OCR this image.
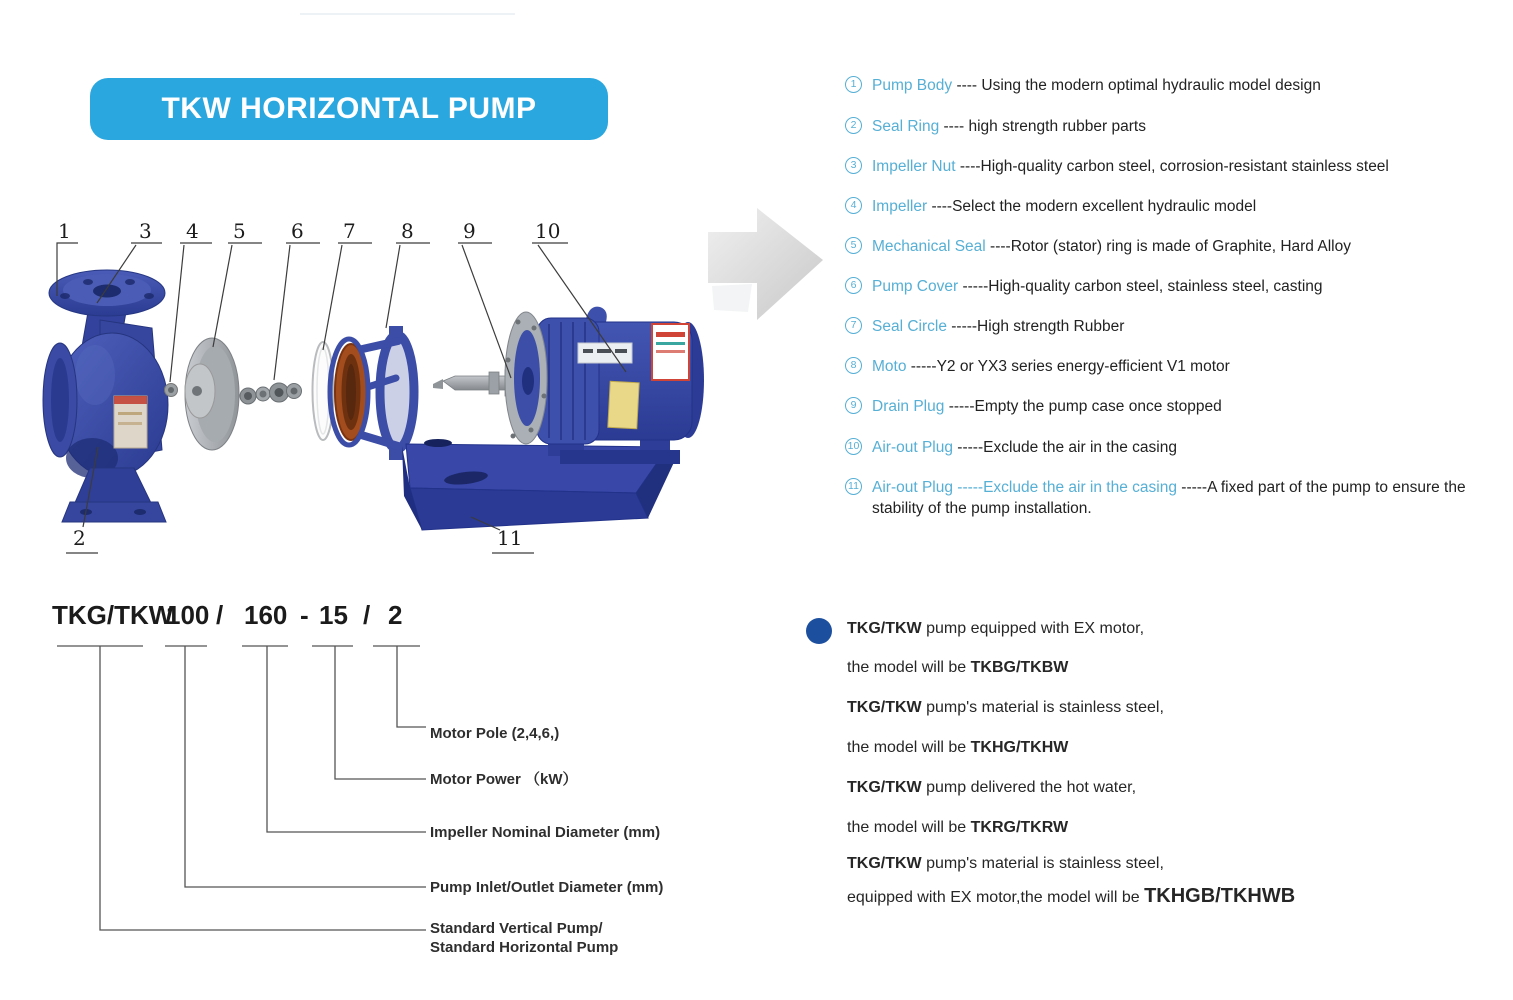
TKW HORIZONTAL PUMP
1	3 4 5 6 7 8 9	10
2	11
1	Pump Body ---- Using the modern optimal hydraulic model design
2	Seal Ring ---- high strength rubber parts
3	Impeller Nut ----High-quality carbon steel, corrosion-resistant stainless steel
4	Impeller ----Select the modern excellent hydraulic model
5	Mechanical Seal ----Rotor (stator) ring is made of Graphite, Hard Alloy
6	Pump Cover -----High-quality carbon steel, stainless steel, casting
7	Seal Circle -----High strength Rubber
8	Moto -----Y2 or YX3 series energy-efficient V1 motor
9	Drain Plug -----Empty the pump case once stopped
10 Air-out Plug -----Exclude the air in the casing
11 Air-out Plug -----Exclude the air in the casing -----A fixed part of the pump to ensure the stability of the pump installation.
TKG/TKW
100 / 160 - 15 / 2
Motor Pole (2,4,6,)
Motor Power （kW）
Impeller Nominal Diameter (mm)
Pump Inlet/Outlet Diameter (mm)
Standard Vertical Pump/
Standard Horizontal Pump
TKG/TKW pump equipped with EX motor,
the model will be TKBG/TKBW
TKG/TKW pump's material is stainless steel,
the model will be TKHG/TKHW
TKG/TKW pump delivered the hot water,
the model will be TKRG/TKRW
TKG/TKW pump's material is stainless steel,
equipped with EX motor,the model will be TKHGB/TKHWB
